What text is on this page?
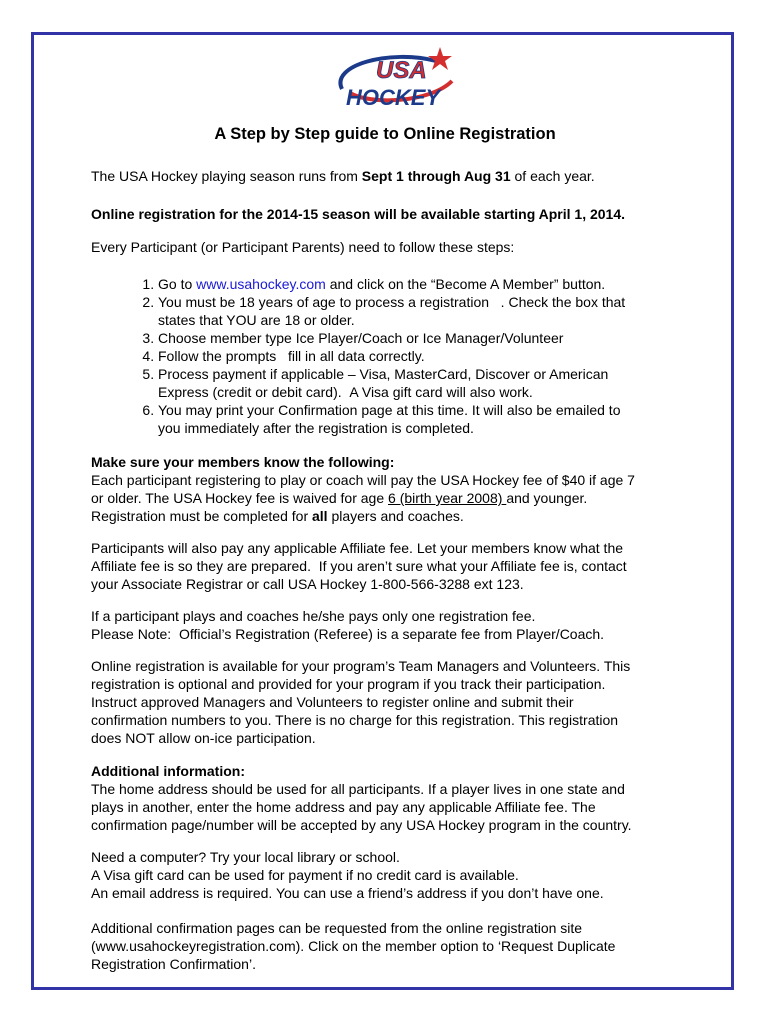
USA
HOCKEY
A Step by Step guide to Online Registration

The USA Hockey playing season runs from Sept 1 through Aug 31 of each year.

Online registration for the 2014-15 season will be available starting April 1, 2014.

Every Participant (or Participant Parents) need to follow these steps:

1. Go to www.usahockey.com and click on the “Become A Member” button.
2. You must be 18 years of age to process a registration   . Check the box that
states that YOU are 18 or older.
3. Choose member type Ice Player/Coach or Ice Manager/Volunteer
4. Follow the prompts   fill in all data correctly.
5. Process payment if applicable – Visa, MasterCard, Discover or American
Express (credit or debit card).  A Visa gift card will also work.
6. You may print your Confirmation page at this time. It will also be emailed to
you immediately after the registration is completed.

Make sure your members know the following:
Each participant registering to play or coach will pay the USA Hockey fee of $40 if age 7
or older. The USA Hockey fee is waived for age 6 (birth year 2008) and younger.
Registration must be completed for all players and coaches.

Participants will also pay any applicable Affiliate fee. Let your members know what the
Affiliate fee is so they are prepared.  If you aren’t sure what your Affiliate fee is, contact
your Associate Registrar or call USA Hockey 1-800-566-3288 ext 123.

If a participant plays and coaches he/she pays only one registration fee.
Please Note:  Official’s Registration (Referee) is a separate fee from Player/Coach.

Online registration is available for your program’s Team Managers and Volunteers. This
registration is optional and provided for your program if you track their participation.
Instruct approved Managers and Volunteers to register online and submit their
confirmation numbers to you. There is no charge for this registration. This registration
does NOT allow on-ice participation.

Additional information:
The home address should be used for all participants. If a player lives in one state and
plays in another, enter the home address and pay any applicable Affiliate fee. The
confirmation page/number will be accepted by any USA Hockey program in the country.

Need a computer? Try your local library or school.
A Visa gift card can be used for payment if no credit card is available.
An email address is required. You can use a friend’s address if you don’t have one.

Additional confirmation pages can be requested from the online registration site
(www.usahockeyregistration.com). Click on the member option to ‘Request Duplicate
Registration Confirmation’.
